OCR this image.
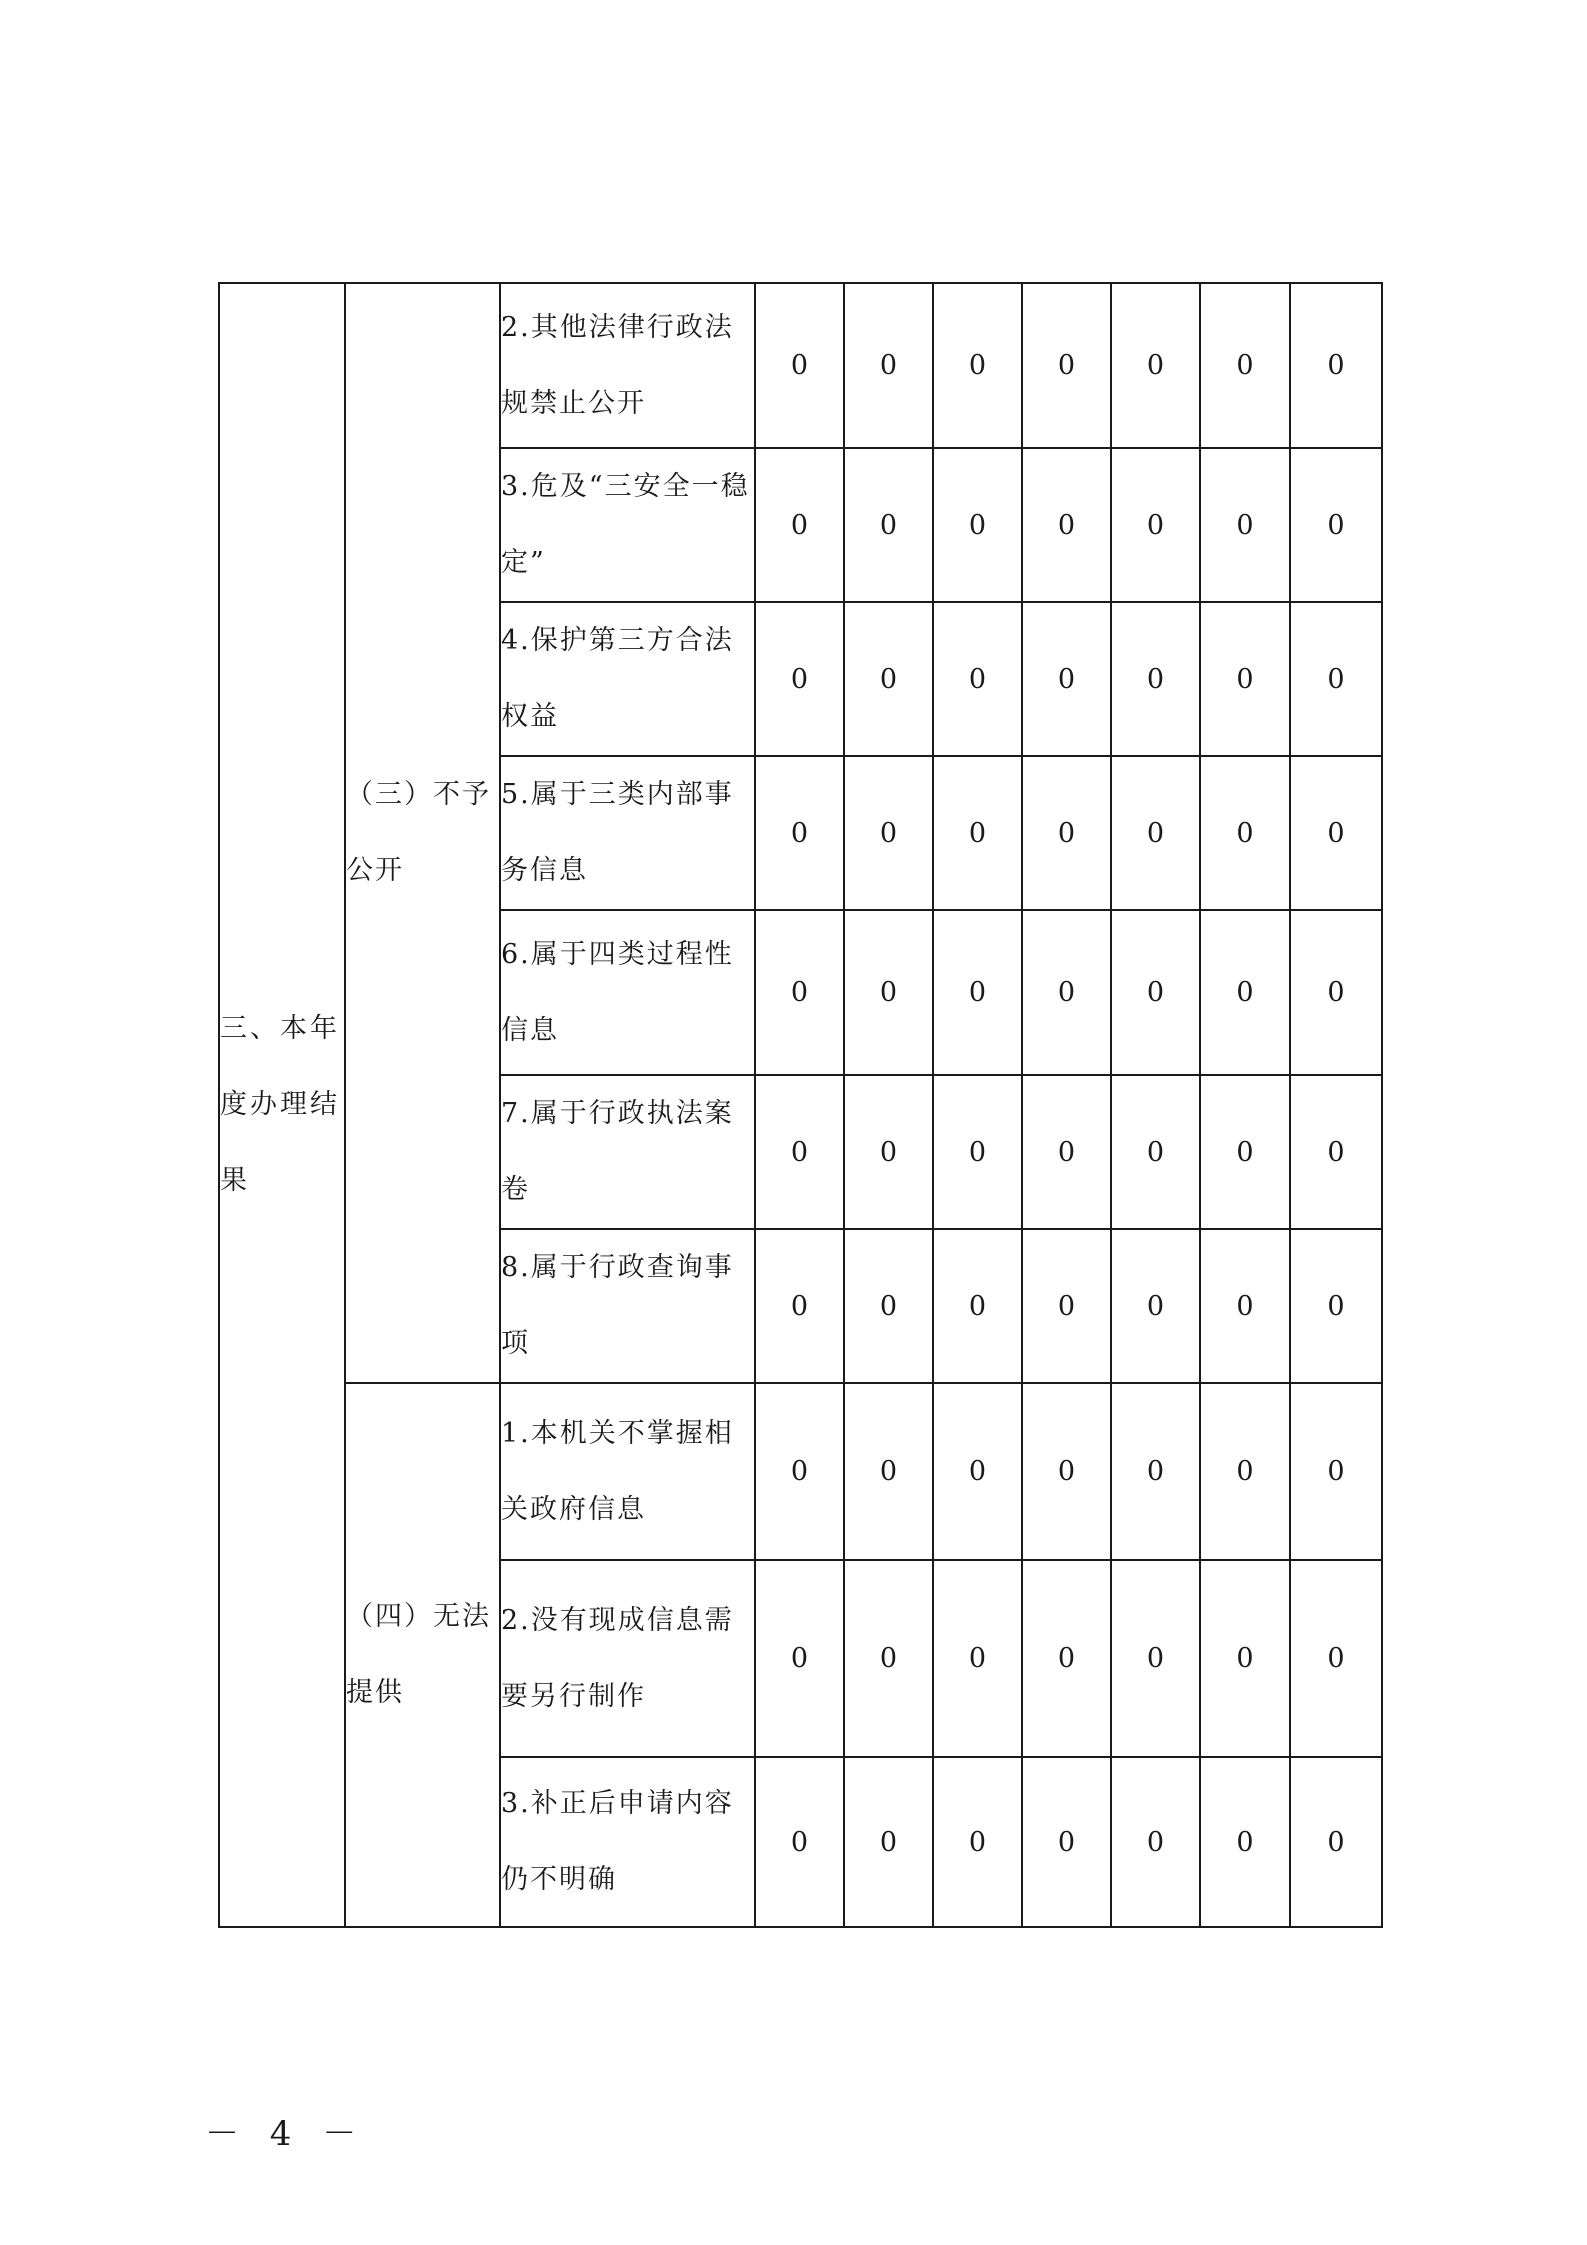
三、本年度办理结果	（三）不予公开	2.其他法律行政法规禁止公开	0	0	0	0	0	0	0
		3.危及“三安全一稳定”	0	0	0	0	0	0	0
		4.保护第三方合法权益	0	0	0	0	0	0	0
		5.属于三类内部事务信息	0	0	0	0	0	0	0
		6.属于四类过程性信息	0	0	0	0	0	0	0
		7.属于行政执法案卷	0	0	0	0	0	0	0
		8.属于行政查询事项	0	0	0	0	0	0	0
	（四）无法提供	1.本机关不掌握相关政府信息	0	0	0	0	0	0	0
		2.没有现成信息需要另行制作	0	0	0	0	0	0	0
		3.补正后申请内容仍不明确	0	0	0	0	0	0	0
－ 4 －
